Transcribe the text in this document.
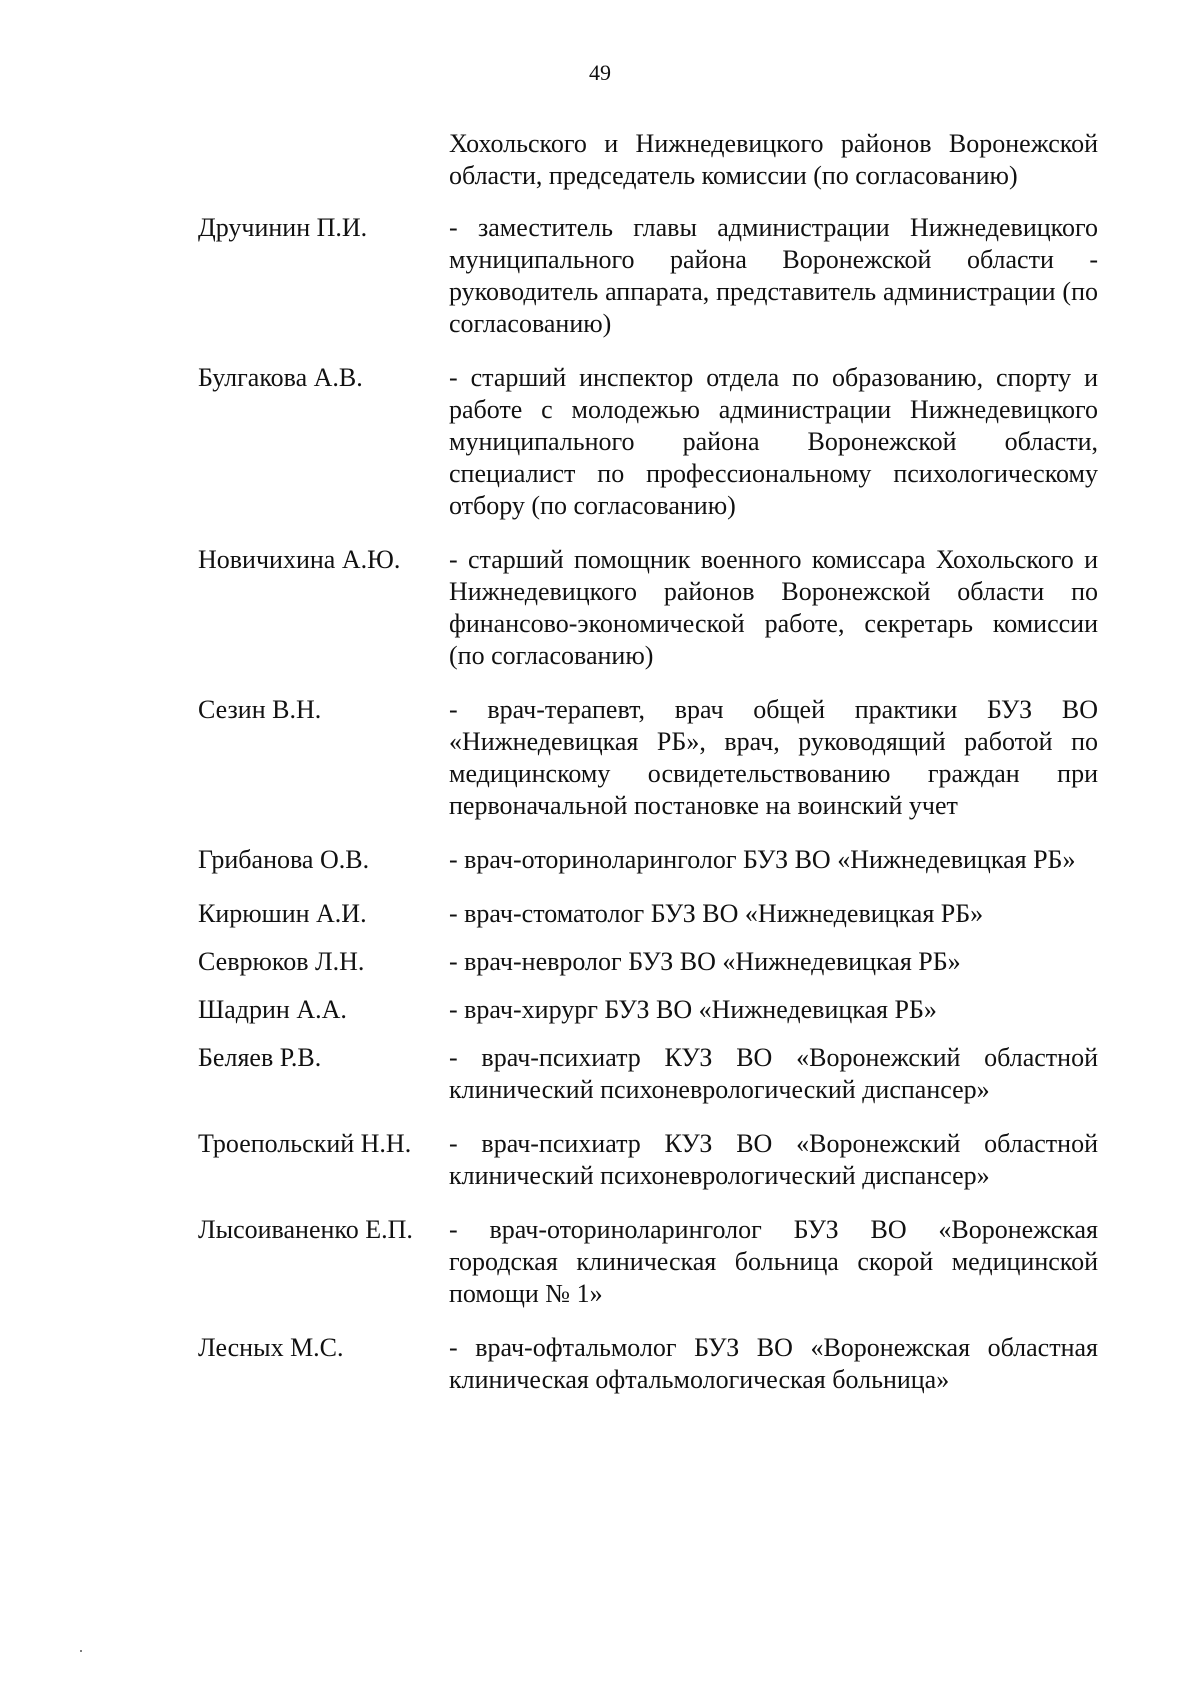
49
Хохольского и Нижнедевицкого районов Воронежской области, председатель комиссии (по согласованию)
Дручинин П.И.	- заместитель главы администрации Нижнедевицкого муниципального района Воронежской области - руководитель аппарата, представитель администрации (по согласованию)
Булгакова А.В.	- старший инспектор отдела по образованию, спорту и работе с молодежью администрации Нижнедевицкого муниципального района Воронежской области, специалист по профессиональному психологическому отбору (по согласованию)
Новичихина А.Ю.	- старший помощник военного комиссара Хохольского и Нижнедевицкого районов Воронежской области по финансово-экономической работе, секретарь комиссии (по согласованию)
Сезин В.Н.	- врач-терапевт, врач общей практики БУЗ ВО «Нижнедевицкая РБ», врач, руководящий работой по медицинскому освидетельствованию граждан при первоначальной постановке на воинский учет
Грибанова О.В.	- врач-оториноларинголог БУЗ ВО «Нижнедевицкая РБ»
Кирюшин А.И.	- врач-стоматолог БУЗ ВО «Нижнедевицкая РБ»
Севрюков Л.Н.	- врач-невролог БУЗ ВО «Нижнедевицкая РБ»
Шадрин А.А.	- врач-хирург БУЗ ВО «Нижнедевицкая РБ»
Беляев Р.В.	- врач-психиатр КУЗ ВО «Воронежский областной клинический психоневрологический диспансер»
Троепольский Н.Н.	- врач-психиатр КУЗ ВО «Воронежский областной клинический психоневрологический диспансер»
Лысоиваненко Е.П.	- врач-оториноларинголог БУЗ ВО «Воронежская городская клиническая больница скорой медицинской помощи № 1»
Лесных М.С.	- врач-офтальмолог БУЗ ВО «Воронежская областная клиническая офтальмологическая больница»
